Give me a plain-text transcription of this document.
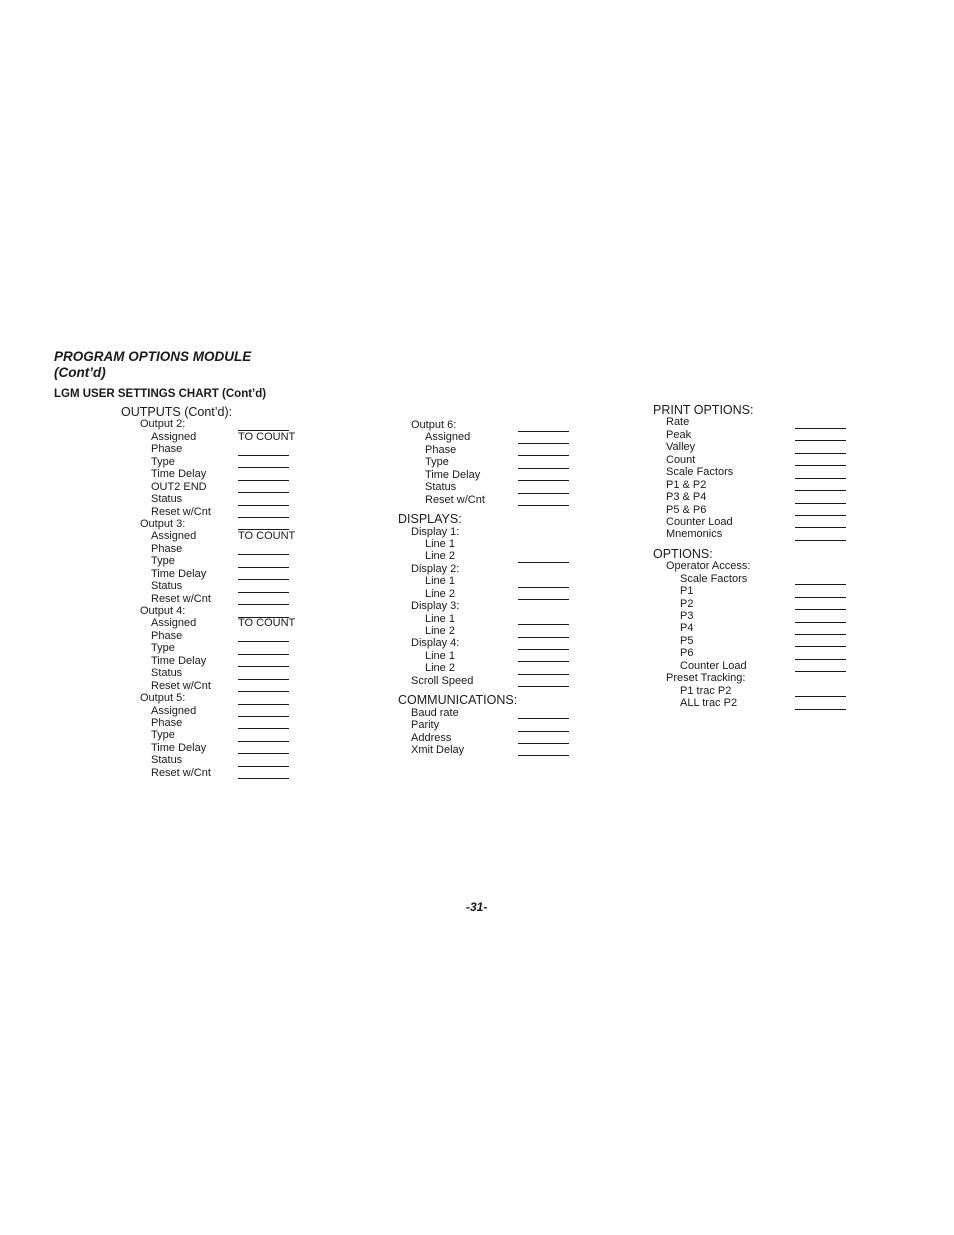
PROGRAM OPTIONS MODULE
(Cont’d)
LGM USER SETTINGS CHART (Cont’d)
OUTPUTS (Cont’d):
Output 2:
Assigned	TO COUNT
Phase
Type
Time Delay
OUT2 END
Status
Reset w/Cnt
Output 3:
Assigned	TO COUNT
Phase
Type
Time Delay
Status
Reset w/Cnt
Output 4:
Assigned	TO COUNT
Phase
Type
Time Delay
Status
Reset w/Cnt
Output 5:
Assigned
Phase
Type
Time Delay
Status
Reset w/Cnt
Output 6:
Assigned
Phase
Type
Time Delay
Status
Reset w/Cnt
DISPLAYS:
Display 1:
Line 1
Line 2
Display 2:
Line 1
Line 2
Display 3:
Line 1
Line 2
Display 4:
Line 1
Line 2
Scroll Speed
COMMUNICATIONS:
Baud rate
Parity
Address
Xmit Delay
PRINT OPTIONS:
Rate
Peak
Valley
Count
Scale Factors
P1 & P2
P3 & P4
P5 & P6
Counter Load
Mnemonics
OPTIONS:
Operator Access:
Scale Factors
P1
P2
P3
P4
P5
P6
Counter Load
Preset Tracking:
P1 trac P2
ALL trac P2
-31-
